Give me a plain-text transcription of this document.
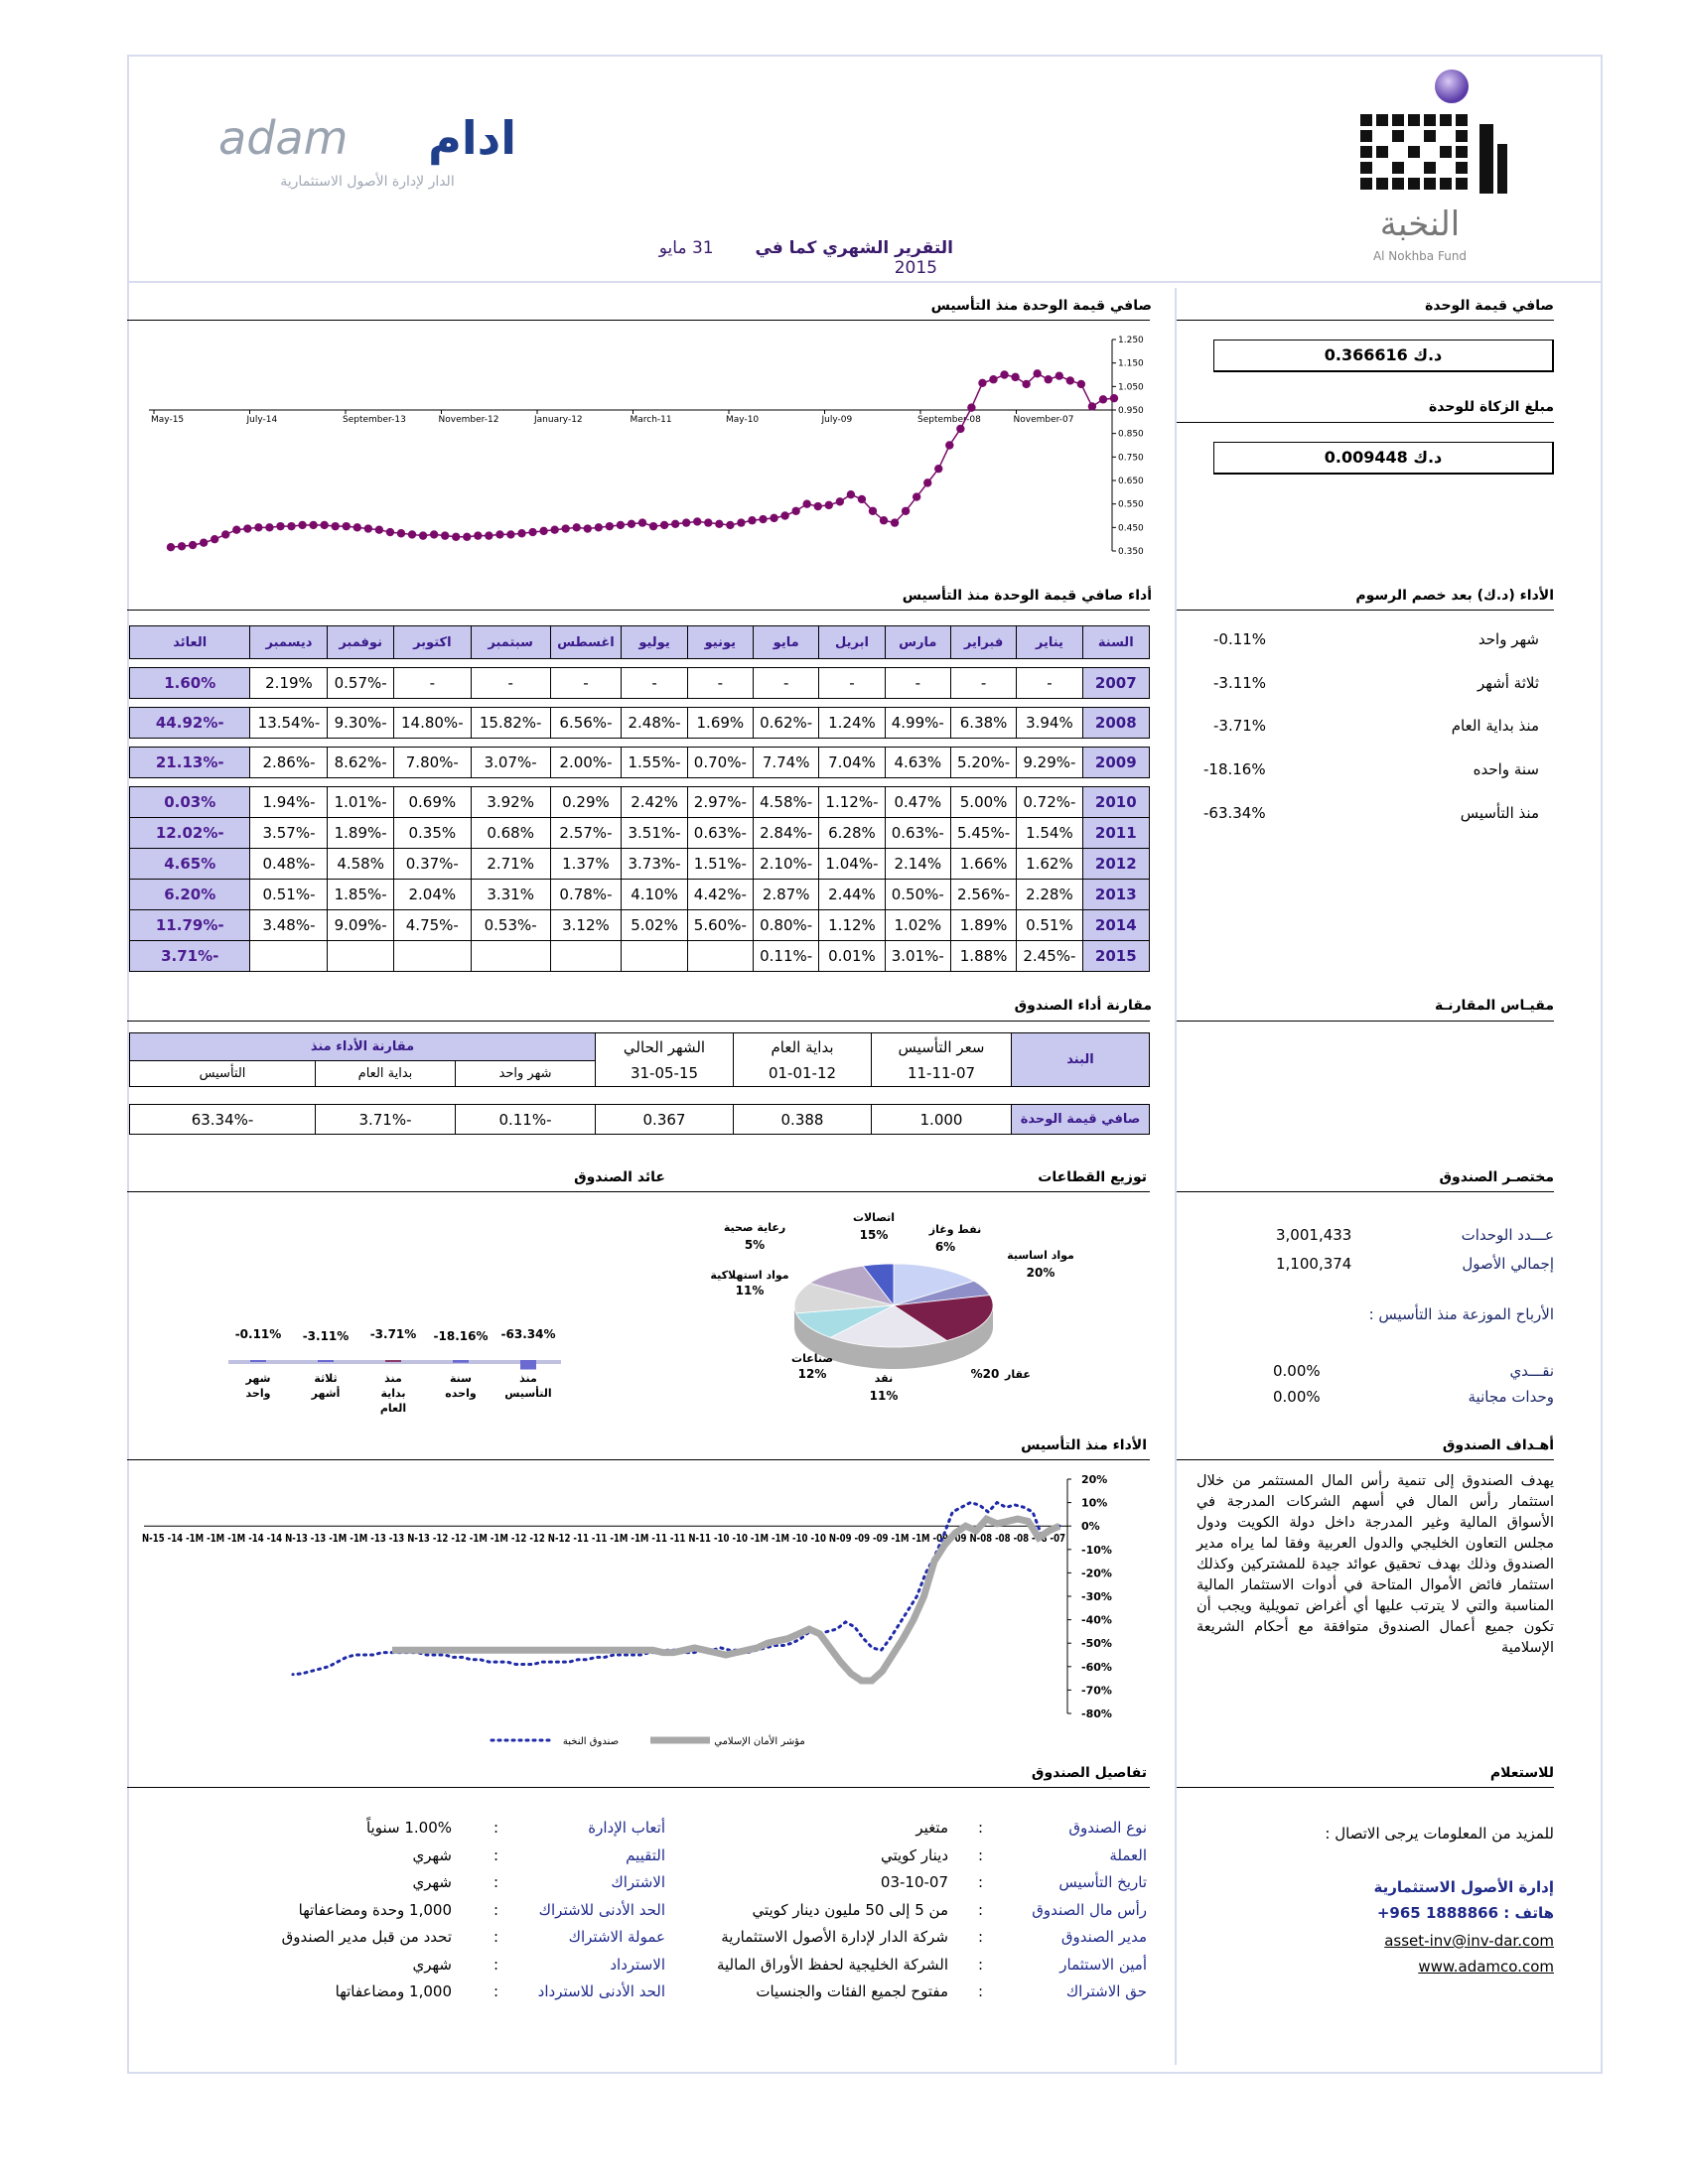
النخبة
Al Nokhba Fund
adam ادام
الدار لإدارة الأصول الاستثمارية
التقرير الشهري كما في  31 مايو 2015
صافي قيمة الوحدة
0.366616 د.ك
مبلغ الزكاة للوحدة
0.009448 د.ك
الأداء (د.ك) بعد خصم الرسوم
شهر واحد
-0.11%
ثلاثة أشهر
-3.11%
منذ بداية العام
-3.71%
سنة واحده
-18.16%
منذ التأسيس
-63.34%
مقيـاس المقارنـة
مختصـر الصندوق
عـــدد الوحدات
3,001,433
إجمالي الأصول
1,100,374
الأرباح الموزعة منذ التأسيس :
نقـــدي
0.00%
وحدات مجانية
0.00%
أهـداف الصندوق
يهدف الصندوق إلى تنمية رأس المال المستثمر من خلال استثمار رأس المال في أسهم الشركات المدرجة في الأسواق المالية وغير المدرجة داخل دولة الكويت ودول مجلس التعاون الخليجي والدول العربية وفقا لما يراه مدير الصندوق وذلك بهدف تحقيق عوائد جيدة للمشتركين وكذلك استثمار فائض الأموال المتاحة في أدوات الاستثمار المالية المناسبة والتي لا يترتب عليها أي أغراض تمويلية ويجب أن تكون جميع أعمال الصندوق متوافقة مع أحكام الشريعة الإسلامية
للاستعلام
للمزيد من المعلومات يرجى الاتصال :
إدارة الأصول الاستثمارية
هاتف : 1888866 965+
asset-inv@inv-dar.com
www.adamco.com
صافي قيمة الوحدة منذ التأسيس
1.250
1.150
1.050
0.950
0.850
0.750
0.650
0.550
0.450
0.350
May-15	July-14	September-13	November-12	January-12	March-11	May-10	July-09	September-08	November-07
أداء صافي قيمة الوحدة منذ التأسيس
السنة	يناير	فبراير	مارس	ابريل	مايو	يونيو	يوليو	اغسطس	سبتمبر	اكتوبر	نوفمبر	ديسمبر	العائد

2007	-	-	-	-	-	-	-	-	-	-	-0.57%	2.19%	1.60%

2008	3.94%	6.38%	-4.99%	1.24%	-0.62%	1.69%	-2.48%	-6.56%	-15.82%	-14.80%	-9.30%	-13.54%	-44.92%

2009	-9.29%	-5.20%	4.63%	7.04%	7.74%	-0.70%	-1.55%	-2.00%	-3.07%	-7.80%	-8.62%	-2.86%	-21.13%

2010	-0.72%	5.00%	0.47%	-1.12%	-4.58%	-2.97%	2.42%	0.29%	3.92%	0.69%	-1.01%	-1.94%	0.03%
2011	1.54%	-5.45%	-0.63%	6.28%	-2.84%	-0.63%	-3.51%	-2.57%	0.68%	0.35%	-1.89%	-3.57%	-12.02%
2012	1.62%	1.66%	2.14%	-1.04%	-2.10%	-1.51%	-3.73%	1.37%	2.71%	-0.37%	4.58%	-0.48%	4.65%
2013	2.28%	-2.56%	-0.50%	2.44%	2.87%	-4.42%	4.10%	-0.78%	3.31%	2.04%	-1.85%	-0.51%	6.20%
2014	0.51%	1.89%	1.02%	1.12%	-0.80%	-5.60%	5.02%	3.12%	-0.53%	-4.75%	-9.09%	-3.48%	-11.79%
2015	-2.45%	1.88%	-3.01%	0.01%	-0.11%								-3.71%
مقارنة أداء الصندوق
البند	سعر التأسيس	بداية العام	الشهر الحالي	مقارنة الأداء منذ		
	11-11-07	01-01-12	31-05-15	شهر واحد	بداية العام	التأسيس

صافي قيمة الوحدة	1.000	0.388	0.367	-0.11%	-3.71%	-63.34%
توزيع القطاعات
عائد الصندوق
اتصالات
15%	نفط وغاز
6%
مواد اساسية
20%
عقار
%20
نقد
11%
صناعات
12%
مواد استهلاكية
11%
رعاية صحية
5%
-0.11%
شهر
واحد
-3.11%
ثلاثة
أشهر
-3.71%
منذ
بداية
العام
-18.16%
سنة
واحده
-63.34%
منذ
التأسيس
الأداء منذ التأسيس
20%
10%
0%
-10%
-20%
-30%
-40%
-50%
-60%
-70%
-80%
N-15 -14 -1M -1M -1M -14 -14 N-13 -13 -1M -1M -13 -13 N-13 -12 -12 -1M -1M -12 -12 N-12 -11 -11 -1M -1M -11 -11 N-11 -10 -10 -1M -1M -10 -10 N-09 -09 -09 -1M -1M -09 -09 N-08 -08 -08 -08 -07
صندوق النخبة	مؤشر الأمان الإسلامي
تفاصيل الصندوق
نوع الصندوق
:
متغير
العملة
:
دينار كويتي
تاريخ التأسيس
:
03-10-07
رأس مال الصندوق
:
من 5 إلى 50 مليون دينار كويتي
مدير الصندوق
:
شركة الدار لإدارة الأصول الاستثمارية
أمين الاستثمار
:
الشركة الخليجية لحفظ الأوراق المالية
حق الاشتراك
:
مفتوح لجميع الفئات والجنسيات
أتعاب الإدارة
:
1.00% سنوياً
التقييم
:
شهري
الاشتراك
:
شهري
الحد الأدنى للاشتراك
:
1,000 وحدة ومضاعفاتها
عمولة الاشتراك
:
تحدد من قبل مدير الصندوق
الاسترداد
:
شهري
الحد الأدنى للاسترداد
:
1,000 ومضاعفاتها
